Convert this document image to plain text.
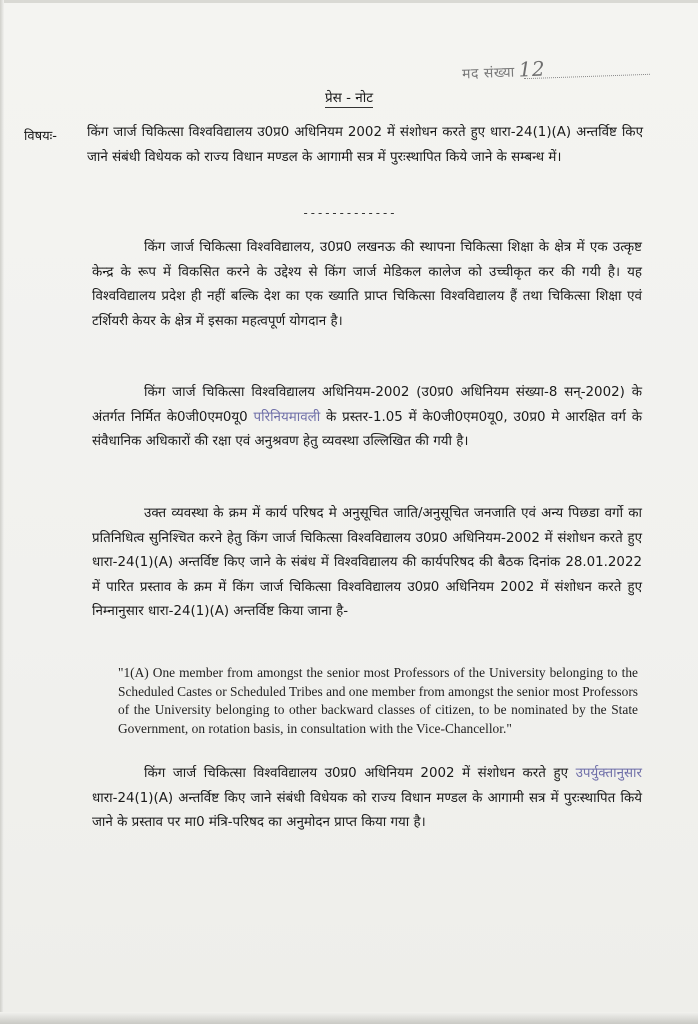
मद संख्या 12
प्रेस - नोट
विषयः- किंग जार्ज चिकित्सा विश्वविद्यालय उ0प्र0 अधिनियम 2002 में संशोधन करते हुए धारा-24(1)(A) अन्तर्विष्ट किए जाने संबंधी विधेयक को राज्य विधान मण्डल के आगामी सत्र में पुरःस्थापित किये जाने के सम्बन्ध में।
-------------
किंग जार्ज चिकित्सा विश्वविद्यालय, उ0प्र0 लखनऊ की स्थापना चिकित्सा शिक्षा के क्षेत्र में एक उत्कृष्ट केन्द्र के रूप में विकसित करने के उद्देश्य से किंग जार्ज मेडिकल कालेज को उच्चीकृत कर की गयी है। यह विश्वविद्यालय प्रदेश ही नहीं बल्कि देश का एक ख्याति प्राप्त चिकित्सा विश्वविद्यालय हैं तथा चिकित्सा शिक्षा एवं टर्शियरी केयर के क्षेत्र में इसका महत्वपूर्ण योगदान है।
किंग जार्ज चिकित्सा विश्वविद्यालय अधिनियम-2002 (उ0प्र0 अधिनियम संख्या-8 सन्-2002) के अंतर्गत निर्मित के0जी0एम0यू0 परिनियमावली के प्रस्तर-1.05 में के0जी0एम0यू0, उ0प्र0 मे आरक्षित वर्ग के संवैधानिक अधिकारों की रक्षा एवं अनुश्रवण हेतु व्यवस्था उल्लिखित की गयी है।
उक्त व्यवस्था के क्रम में कार्य परिषद मे अनुसूचित जाति/अनुसूचित जनजाति एवं अन्य पिछडा वर्गो का प्रतिनिधित्व सुनिश्चित करने हेतु किंग जार्ज चिकित्सा विश्वविद्यालय उ0प्र0 अधिनियम-2002 में संशोधन करते हुए धारा-24(1)(A) अन्तर्विष्ट किए जाने के संबंध में विश्वविद्यालय की कार्यपरिषद की बैठक दिनांक 28.01.2022 में पारित प्रस्ताव के क्रम में किंग जार्ज चिकित्सा विश्वविद्यालय उ0प्र0 अधिनियम 2002 में संशोधन करते हुए निम्नानुसार धारा-24(1)(A) अन्तर्विष्ट किया जाना है-
"1(A) One member from amongst the senior most Professors of the University belonging to the Scheduled Castes or Scheduled Tribes and one member from amongst the senior most Professors of the University belonging to other backward classes of citizen, to be nominated by the State Government, on rotation basis, in consultation with the Vice-Chancellor."
किंग जार्ज चिकित्सा विश्वविद्यालय उ0प्र0 अधिनियम 2002 में संशोधन करते हुए उपर्युक्तानुसार धारा-24(1)(A) अन्तर्विष्ट किए जाने संबंधी विधेयक को राज्य विधान मण्डल के आगामी सत्र में पुरःस्थापित किये जाने के प्रस्ताव पर मा0 मंत्रि-परिषद का अनुमोदन प्राप्त किया गया है।
